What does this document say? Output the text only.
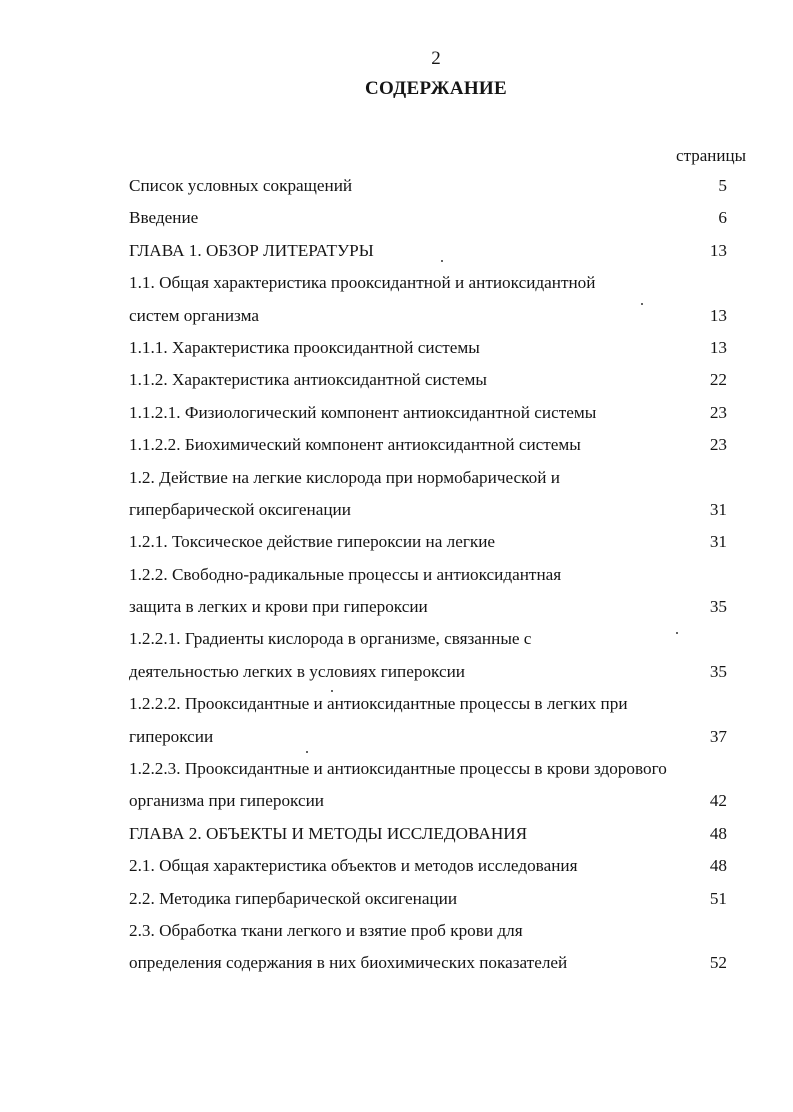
2
СОДЕРЖАНИЕ
страницы
Список условных сокращений	5
Введение	6
ГЛАВА 1. ОБЗОР ЛИТЕРАТУРЫ	13
1.1. Общая характеристика прооксидантной и антиоксидантной
систем организма	13
1.1.1. Характеристика прооксидантной системы	13
1.1.2. Характеристика антиоксидантной системы	22
1.1.2.1. Физиологический компонент антиоксидантной системы	23
1.1.2.2. Биохимический компонент антиоксидантной системы	23
1.2. Действие на легкие кислорода при нормобарической и
гипербарической оксигенации	31
1.2.1. Токсическое действие гипероксии на легкие	31
1.2.2. Свободно-радикальные процессы и антиоксидантная
защита в легких и крови при гипероксии	35
1.2.2.1. Градиенты кислорода в организме, связанные с
деятельностью легких в условиях гипероксии	35
1.2.2.2. Прооксидантные и антиоксидантные процессы в легких при
гипероксии	37
1.2.2.3. Прооксидантные и антиоксидантные процессы в крови здорового
организма при гипероксии	42
ГЛАВА 2. ОБЪЕКТЫ И МЕТОДЫ ИССЛЕДОВАНИЯ	48
2.1. Общая характеристика объектов и методов исследования	48
2.2. Методика гипербарической оксигенации	51
2.3. Обработка ткани легкого и взятие проб крови для
определения содержания в них биохимических показателей	52
